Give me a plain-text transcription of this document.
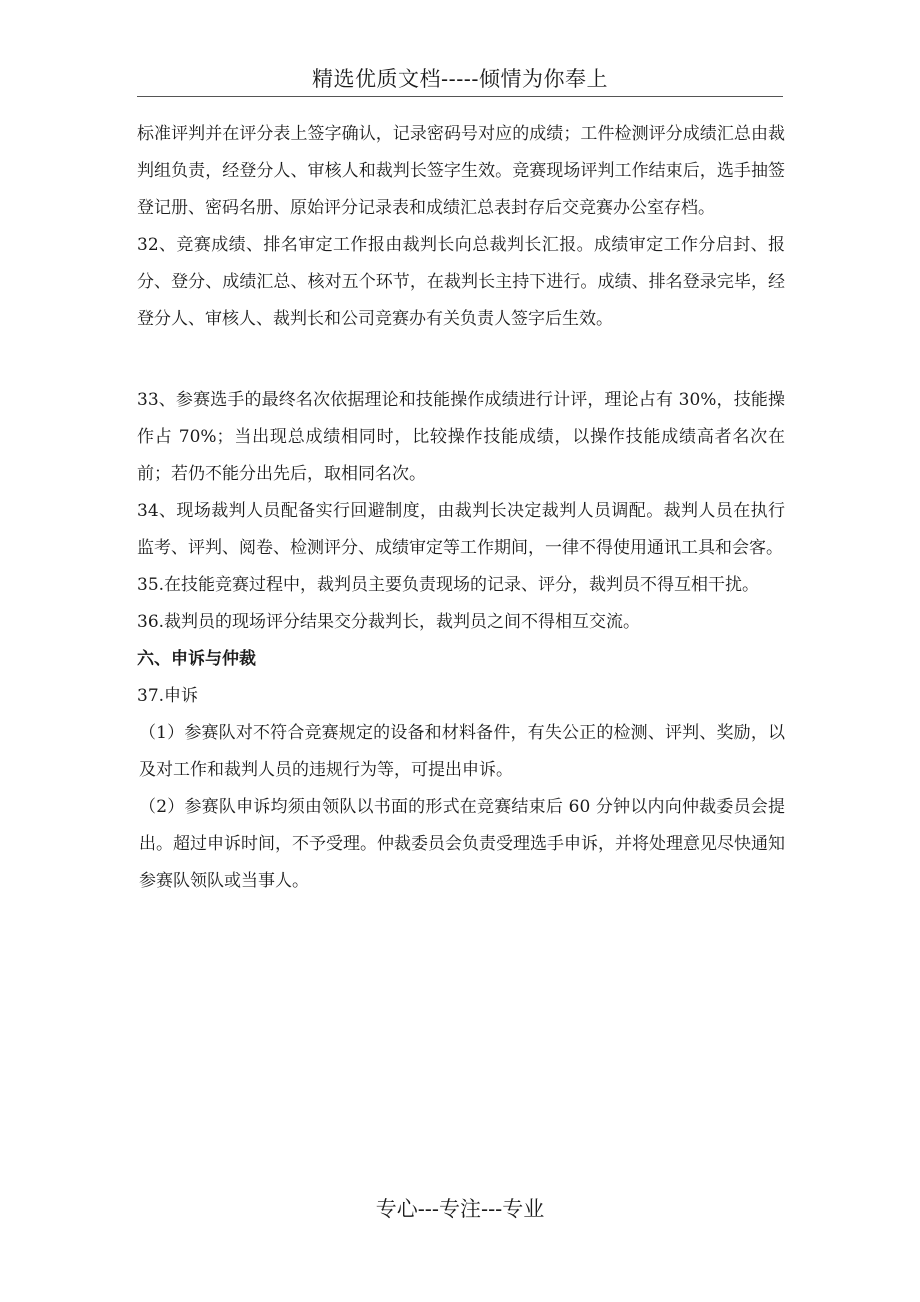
精选优质文档-----倾情为你奉上

标准评判并在评分表上签字确认，记录密码号对应的成绩；工件检测评分成绩汇总由裁判组负责，经登分人、审核人和裁判长签字生效。竞赛现场评判工作结束后，选手抽签登记册、密码名册、原始评分记录表和成绩汇总表封存后交竞赛办公室存档。

32、竞赛成绩、排名审定工作报由裁判长向总裁判长汇报。成绩审定工作分启封、报分、登分、成绩汇总、核对五个环节，在裁判长主持下进行。成绩、排名登录完毕，经登分人、审核人、裁判长和公司竞赛办有关负责人签字后生效。

33、参赛选手的最终名次依据理论和技能操作成绩进行计评，理论占有 30%，技能操作占 70%；当出现总成绩相同时，比较操作技能成绩，以操作技能成绩高者名次在前；若仍不能分出先后，取相同名次。

34、现场裁判人员配备实行回避制度，由裁判长决定裁判人员调配。裁判人员在执行监考、评判、阅卷、检测评分、成绩审定等工作期间，一律不得使用通讯工具和会客。

35.在技能竞赛过程中，裁判员主要负责现场的记录、评分，裁判员不得互相干扰。

36.裁判员的现场评分结果交分裁判长，裁判员之间不得相互交流。

六、申诉与仲裁

37.申诉

（1）参赛队对不符合竞赛规定的设备和材料备件，有失公正的检测、评判、奖励，以及对工作和裁判人员的违规行为等，可提出申诉。

（2）参赛队申诉均须由领队以书面的形式在竞赛结束后 60 分钟以内向仲裁委员会提出。超过申诉时间，不予受理。仲裁委员会负责受理选手申诉，并将处理意见尽快通知参赛队领队或当事人。

专心---专注---专业
